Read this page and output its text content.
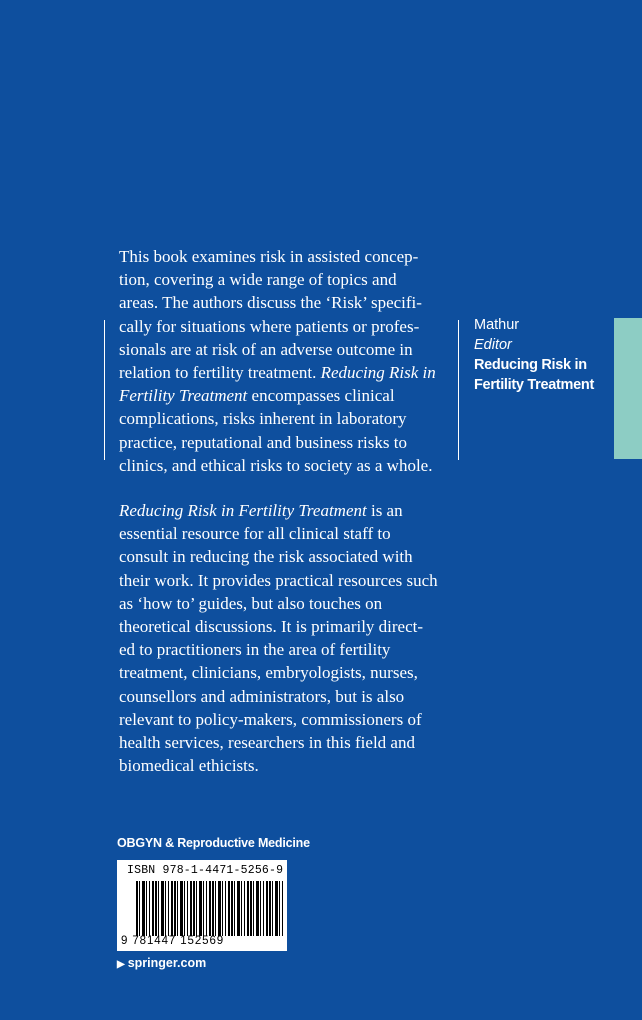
This book examines risk in assisted concep-tion, covering a wide range of topics and areas. The authors discuss the ‘Risk’ specifi-cally for situations where patients or profes-sionals are at risk of an adverse outcome in relation to fertility treatment. Reducing Risk in Fertility Treatment encompasses clinical complications, risks inherent in laboratory practice, reputational and business risks to clinics, and ethical risks to society as a whole.

Reducing Risk in Fertility Treatment is an essential resource for all clinical staff to consult in reducing the risk associated with their work. It provides practical resources such as ‘how to’ guides, but also touches on theoretical discussions. It is primarily direct-ed to practitioners in the area of fertility treatment, clinicians, embryologists, nurses, counsellors and administrators, but is also relevant to policy-makers, commissioners of health services, researchers in this field and biomedical ethicists.

Mathur
Editor
Reducing Risk in
Fertility Treatment
OBGYN & Reproductive Medicine
ISBN 978-1-4471-5256-9
9 781447 152569
▶ springer.com
